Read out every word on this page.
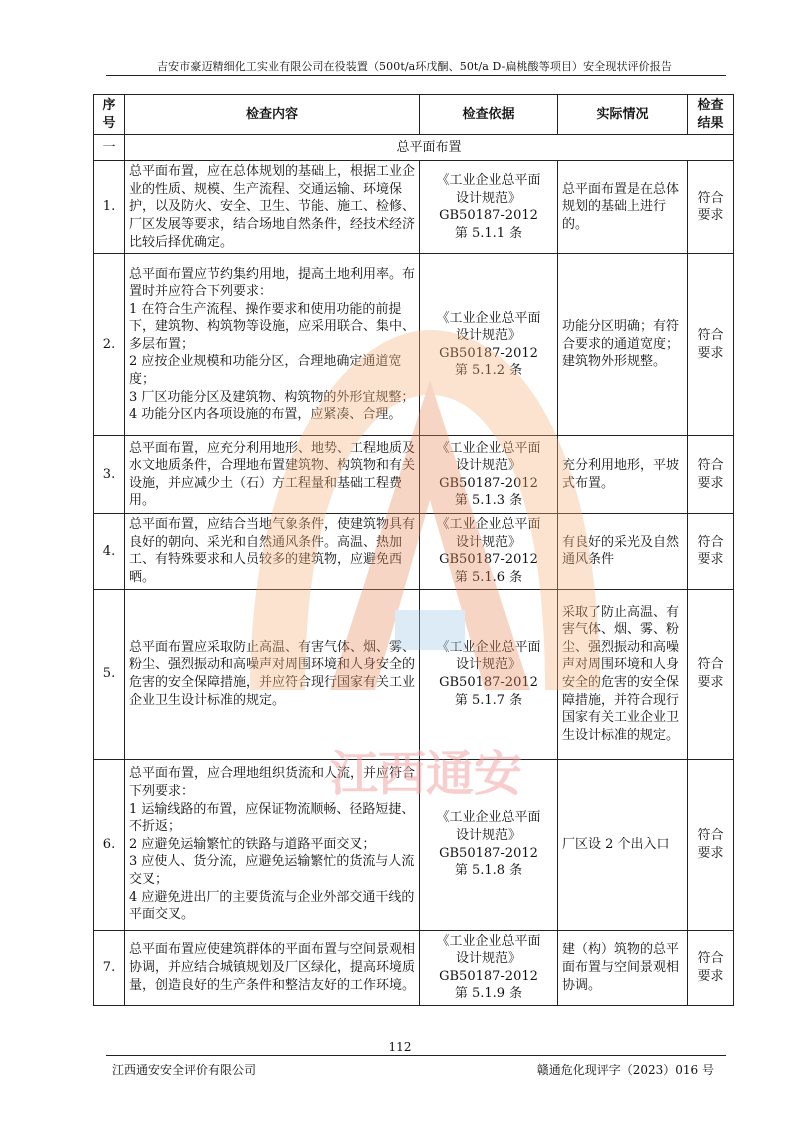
吉安市豪迈精细化工实业有限公司在役装置（500t/a环戊酮、50t/a D-扁桃酸等项目）安全现状评价报告
序
号	检查内容	检查依据	实际情况	检查
结果

一	总平面布置			
1.	总平面布置，应在总体规划的基础上，根据工业企业的性质、规模、生产流程、交通运输、环境保护，以及防火、安全、卫生、节能、施工、检修、厂区发展等要求，结合场地自然条件，经技术经济比较后择优确定。	《工业企业总平面
设计规范》
GB50187-2012
第 5.1.1 条	总平面布置是在总体规划的基础上进行的。	符合
要求

2.	总平面布置应节约集约用地，提高土地利用率。布置时并应符合下列要求：
1 在符合生产流程、操作要求和使用功能的前提下，建筑物、构筑物等设施，应采用联合、集中、多层布置；
2 应按企业规模和功能分区，合理地确定通道宽度；
3 厂区功能分区及建筑物、构筑物的外形宜规整；
4 功能分区内各项设施的布置，应紧凑、合理。	《工业企业总平面
设计规范》
GB50187-2012
第 5.1.2 条	功能分区明确；有符合要求的通道宽度；建筑物外形规整。	符合
要求

3.	总平面布置，应充分利用地形、地势、工程地质及水文地质条件，合理地布置建筑物、构筑物和有关设施，并应减少土（石）方工程量和基础工程费用。	《工业企业总平面
设计规范》
GB50187-2012
第 5.1.3 条	充分利用地形，平坡式布置。	符合
要求

4.	总平面布置，应结合当地气象条件，使建筑物具有良好的朝向、采光和自然通风条件。高温、热加工、有特殊要求和人员较多的建筑物，应避免西晒。	《工业企业总平面
设计规范》
GB50187-2012
第 5.1.6 条	有良好的采光及自然通风条件	符合
要求

5.	总平面布置应采取防止高温、有害气体、烟、雾、粉尘、强烈振动和高噪声对周围环境和人身安全的危害的安全保障措施，并应符合现行国家有关工业企业卫生设计标准的规定。	《工业企业总平面
设计规范》
GB50187-2012
第 5.1.7 条	采取了防止高温、有害气体、烟、雾、粉尘、强烈振动和高噪声对周围环境和人身安全的危害的安全保障措施，并符合现行国家有关工业企业卫生设计标准的规定。	符合
要求

6.	总平面布置，应合理地组织货流和人流，并应符合下列要求：
1 运输线路的布置，应保证物流顺畅、径路短捷、不折返；
2 应避免运输繁忙的铁路与道路平面交叉；
3 应使人、货分流，应避免运输繁忙的货流与人流交叉；
4 应避免进出厂的主要货流与企业外部交通干线的平面交叉。	《工业企业总平面
设计规范》
GB50187-2012
第 5.1.8 条	厂区设 2 个出入口	符合
要求

7.	总平面布置应使建筑群体的平面布置与空间景观相协调，并应结合城镇规划及厂区绿化，提高环境质量，创造良好的生产条件和整洁友好的工作环境。	《工业企业总平面
设计规范》
GB50187-2012
第 5.1.9 条	建（构）筑物的总平面布置与空间景观相协调。	符合
要求
江西通安
112
江西通安安全评价有限公司	赣通危化现评字（2023）016 号
